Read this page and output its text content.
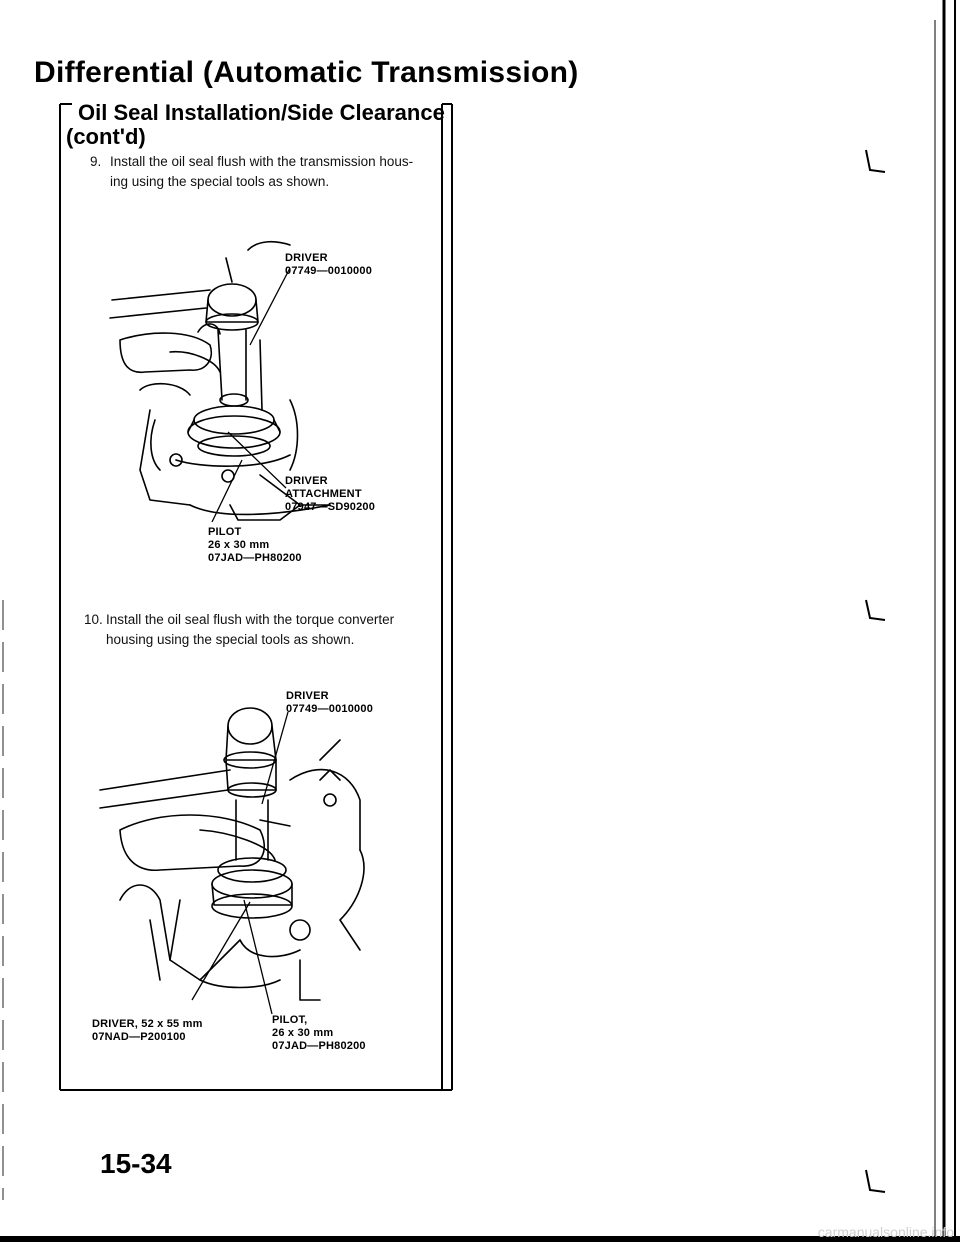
Differential (Automatic Transmission)
Oil Seal Installation/Side Clearance
(cont'd)
9. Install the oil seal flush with the transmission hous-
ing using the special tools as shown.
DRIVER
07749—0010000
DRIVER
ATTACHMENT
07947—SD90200
PILOT
26 x 30 mm
07JAD—PH80200
10. Install the oil seal flush with the torque converter
housing using the special tools as shown.
DRIVER
07749—0010000
DRIVER, 52 x 55 mm
07NAD—P200100
PILOT,
26 x 30 mm
07JAD—PH80200
15-34
carmanualsonline.info
